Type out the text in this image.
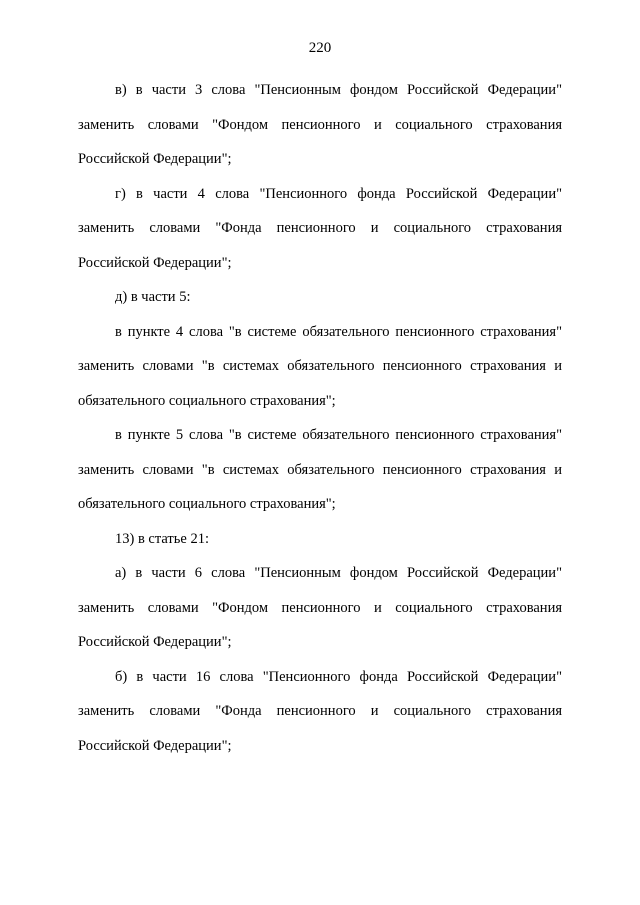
220

в) в части 3 слова "Пенсионным фондом Российской Федерации" заменить словами "Фондом пенсионного и социального страхования Российской Федерации";

г) в части 4 слова "Пенсионного фонда Российской Федерации" заменить словами "Фонда пенсионного и социального страхования Российской Федерации";

д) в части 5:

в пункте 4 слова "в системе обязательного пенсионного страхования" заменить словами "в системах обязательного пенсионного страхования и обязательного социального страхования";

в пункте 5 слова "в системе обязательного пенсионного страхования" заменить словами "в системах обязательного пенсионного страхования и обязательного социального страхования";

13) в статье 21:

а) в части 6 слова "Пенсионным фондом Российской Федерации" заменить словами "Фондом пенсионного и социального страхования Российской Федерации";

б) в части 16 слова "Пенсионного фонда Российской Федерации" заменить словами "Фонда пенсионного и социального страхования Российской Федерации";
